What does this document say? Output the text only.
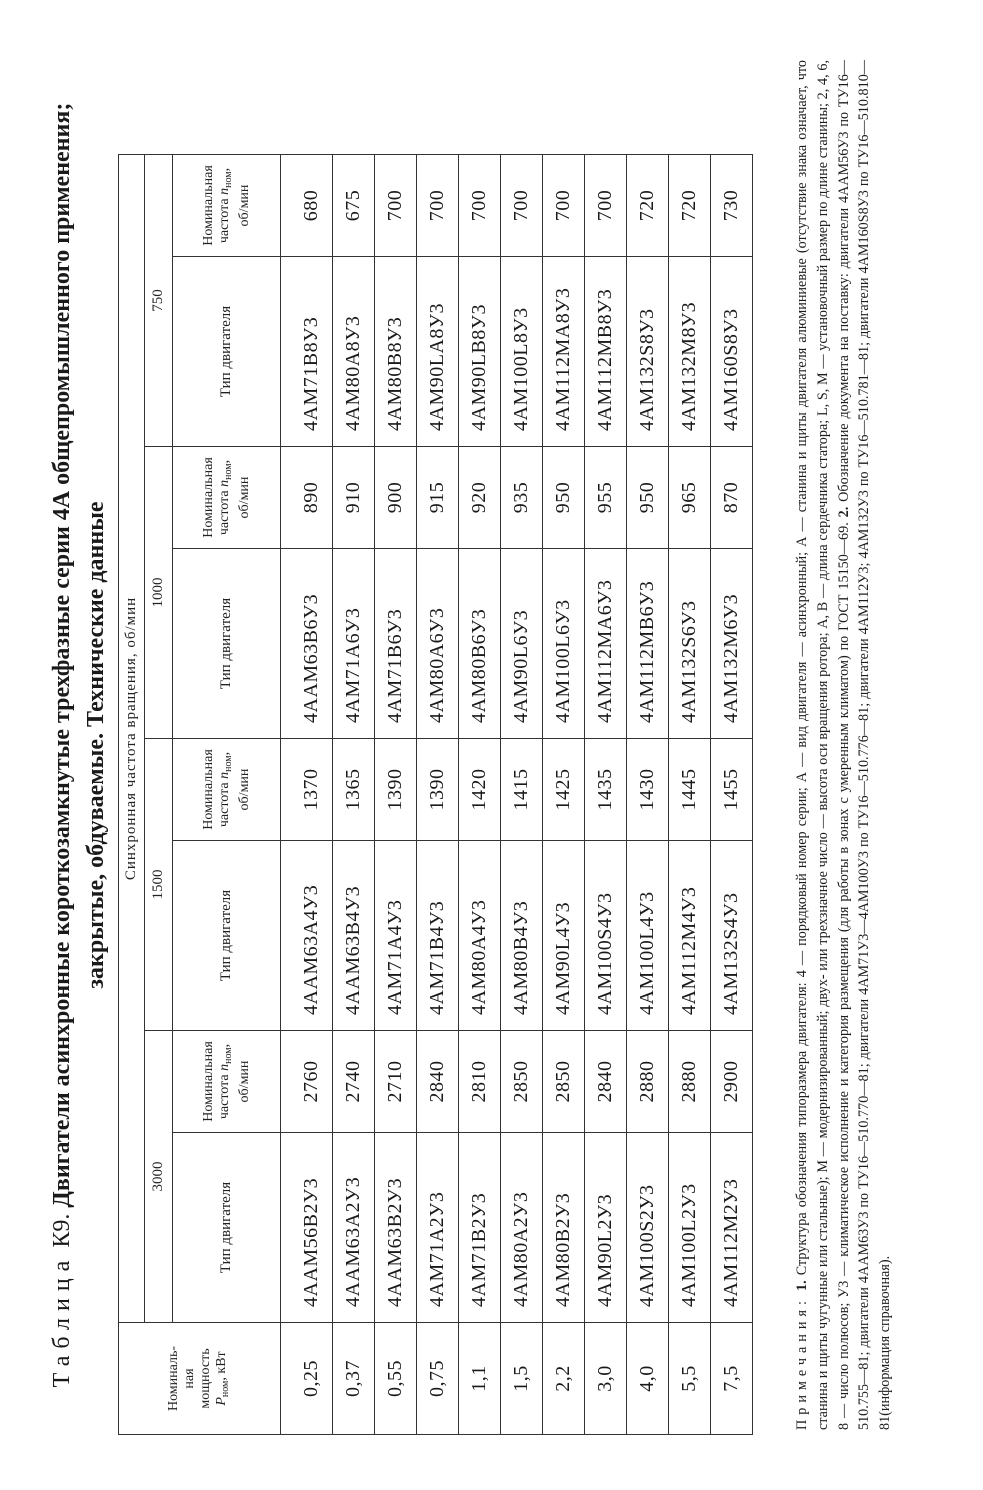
Таблица К9. Двигатели асинхронные короткозамкнутые трехфазные серии 4А общепромышленного применения; закрытые, обдуваемые. Технические данные
Номиналь-
ная
мощность
$P_{ном}$, кВт	Синхронная частота вращения, об/мин							
	3000		1500		1000		750	
	Тип двигателя	Номинальная
частота $n_{ном}$,
об/мин	Тип двигателя	Номинальная
частота $n_{ном}$,
об/мин	Тип двигателя	Номинальная
частота $n_{ном}$,
об/мин	Тип двигателя	Номинальная
частота $n_{ном}$,
об/мин
0,25	4AAM56B2У3	2760	4AAM63A4У3	1370	4AAM63B6У3	890	4AM71B8У3	680
0,37	4AAM63A2У3	2740	4AAM63B4У3	1365	4AM71A6У3	910	4AM80A8У3	675
0,55	4AAM63B2У3	2710	4AM71A4У3	1390	4AM71B6У3	900	4AM80B8У3	700
0,75	4AM71A2У3	2840	4AM71B4У3	1390	4AM80A6У3	915	4AM90LA8У3	700
1,1	4AM71B2У3	2810	4AM80A4У3	1420	4AM80B6У3	920	4AM90LB8У3	700
1,5	4AM80A2У3	2850	4AM80B4У3	1415	4AM90L6У3	935	4AM100L8У3	700
2,2	4AM80B2У3	2850	4AM90L4У3	1425	4AM100L6У3	950	4AM112MA8У3	700
3,0	4AM90L2У3	2840	4AM100S4У3	1435	4AM112MA6У3	955	4AM112MB8У3	700
4,0	4AM100S2У3	2880	4AM100L4У3	1430	4AM112MB6У3	950	4AM132S8У3	720
5,5	4AM100L2У3	2880	4AM112M4У3	1445	4AM132S6У3	965	4AM132M8У3	720
7,5	4AM112M2У3	2900	4AM132S4У3	1455	4AM132M6У3	870	4AM160S8У3	730
Примечания: 1. Структура обозначения типоразмера двигателя: 4 — порядковый номер серии; А — вид двигателя — асинхронный; А — станина и щиты двигателя алюминиевые (отсутствие знака означает, что станина и щиты чугунные или стальные); М — модернизированный; двух- или трехзначное число — высота оси вращения ротора; A, B — длина сердечника статора; L, S, M — установочный размер по длине станины; 2, 4, 6, 8 — число полюсов; У3 — климатическое исполнение и категория размещения (для работы в зонах с умеренным климатом) по ГОСТ 15150—69. 2. Обозначение документа на поставку: двигатели 4AAM56У3 по ТУ16—510.755—81; двигатели 4AAM63У3 по ТУ16—510.770—81; двигатели 4AM71У3—4AM100У3 по ТУ16—510.776—81; двигатели 4AM112У3; 4AM132У3 по ТУ16—510.781—81; двигатели 4AM160S8У3 по ТУ16—510.810—81(информация справочная).
